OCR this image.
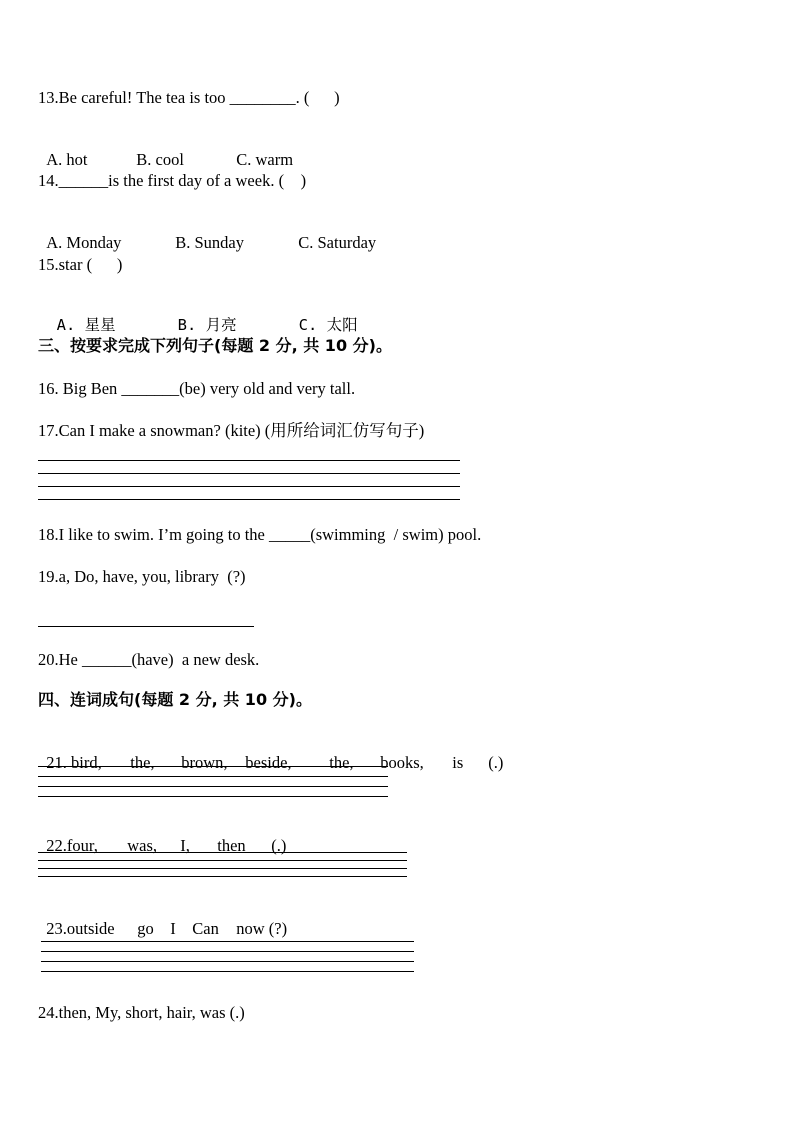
13.Be careful! The tea is too ________. (      )

A. hot	B. cool	C. warm

14.______is the first day of a week. (    )

A. Monday	B. Sunday	C. Saturday

15.star (      )

A. 星星	B. 月亮	C. 太阳

三、按要求完成下列句子(每题 2 分, 共 10 分)。
16. Big Ben _______(be) very old and very tall.
17.Can I make a snowman? (kite) (用所给词汇仿写句子)
18.I like to swim. I’m going to the _____(swimming  / swim) pool.
19.a, Do, have, you, library  (?)
20.He ______(have)  a new desk.
四、连词成句(每题 2 分, 共 10 分)。

21. bird, the, brown, beside, the, books, is (.)

22.four, was, I, then (.)

23.outside go I Can now (?)

24.then, My, short, hair, was (.)
